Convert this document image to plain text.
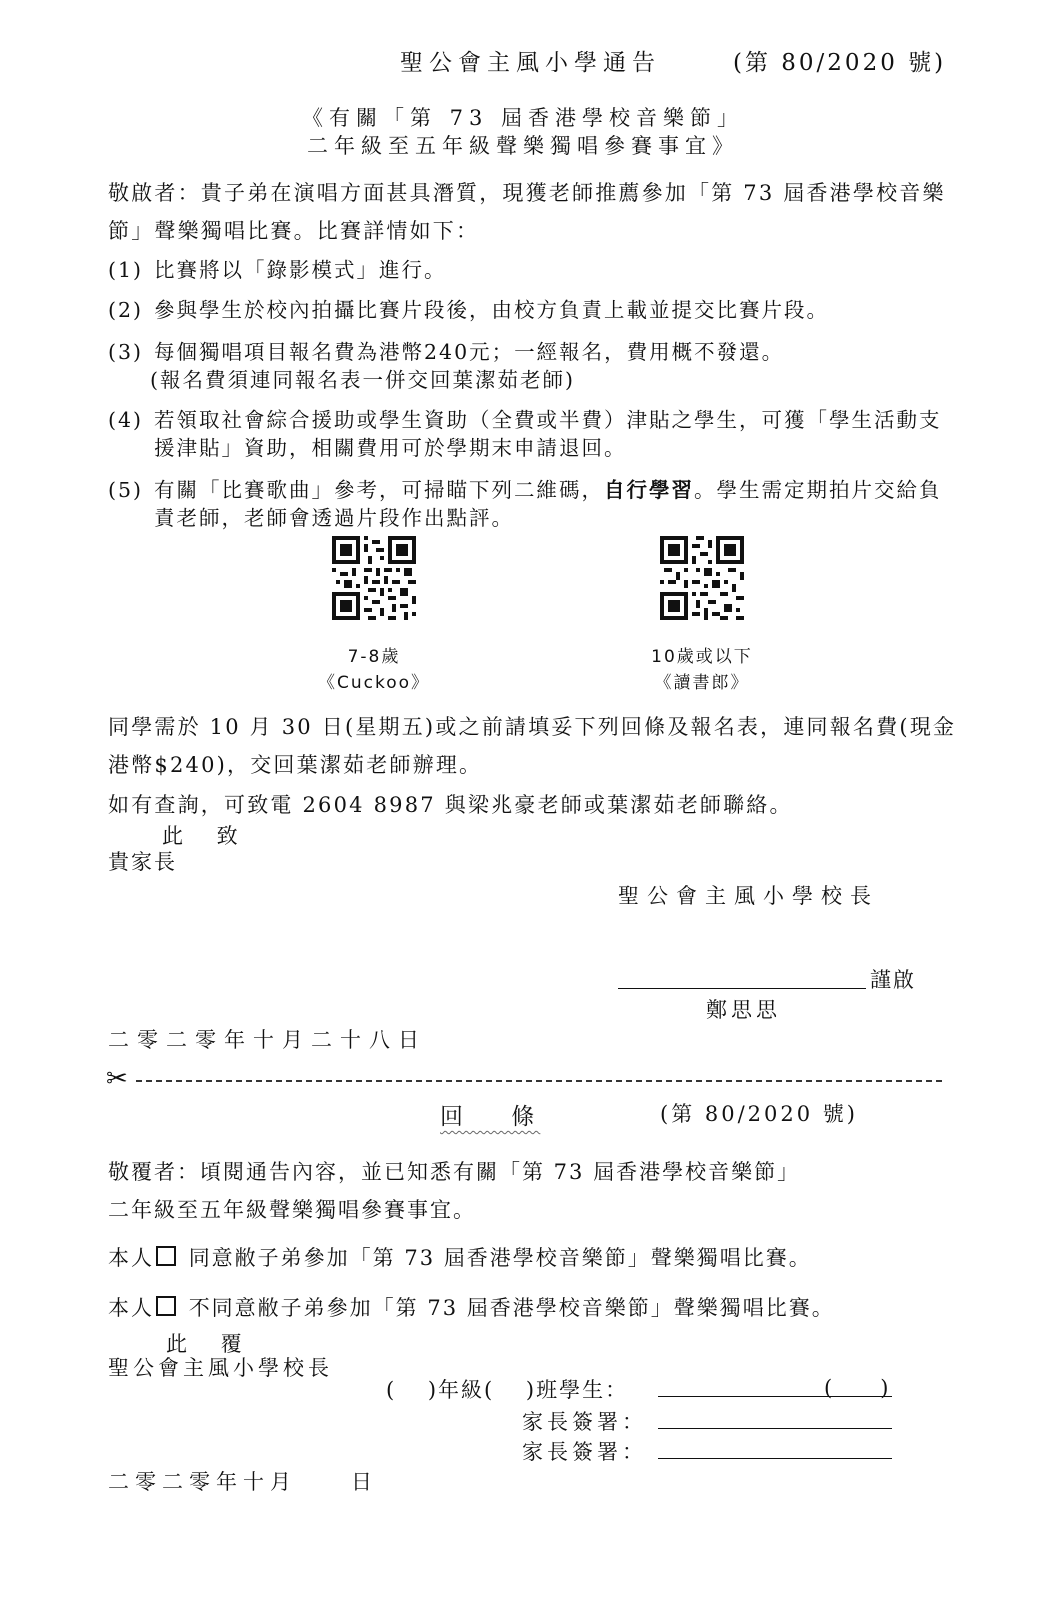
聖公會主風小學通告	(第 80/2020 號)
《有關「第 73 屆香港學校音樂節」
二年級至五年級聲樂獨唱參賽事宜》
敬啟者：貴子弟在演唱方面甚具潛質，現獲老師推薦參加「第 73 屆香港學校音樂節」聲樂獨唱比賽。比賽詳情如下：
(1) 比賽將以「錄影模式」進行。
(2) 參與學生於校內拍攝比賽片段後，由校方負責上載並提交比賽片段。
(3) 每個獨唱項目報名費為港幣240元；一經報名，費用概不發還。
(報名費須連同報名表一併交回葉潔茹老師)
(4) 若領取社會綜合援助或學生資助（全費或半費）津貼之學生，可獲「學生活動支援津貼」資助，相關費用可於學期末申請退回。
(5) 有關「比賽歌曲」參考，可掃瞄下列二維碼，自行學習。學生需定期拍片交給負責老師，老師會透過片段作出點評。
7-8歲
《Cuckoo》
10歲或以下
《讀書郎》
同學需於 10 月 30 日(星期五)或之前請填妥下列回條及報名表，連同報名費(現金港幣$240)，交回葉潔茹老師辦理。
如有查詢，可致電 2604 8987 與梁兆豪老師或葉潔茹老師聯絡。
此　 致
貴家長
聖公會主風小學校長
謹啟
鄭思思
二零二零年十月二十八日
✂
回　 條	(第 80/2020 號)
敬覆者：頃閱通告內容，並已知悉有關「第 73 屆香港學校音樂節」
二年級至五年級聲樂獨唱參賽事宜。
本人 同意敝子弟參加「第 73 屆香港學校音樂節」聲樂獨唱比賽。
本人 不同意敝子弟參加「第 73 屆香港學校音樂節」聲樂獨唱比賽。
此　 覆
聖公會主風小學校長
(　 )年級(　 )班學生：	(　　)
家長簽署：
家長簽署：
二零二零年十月　　日
